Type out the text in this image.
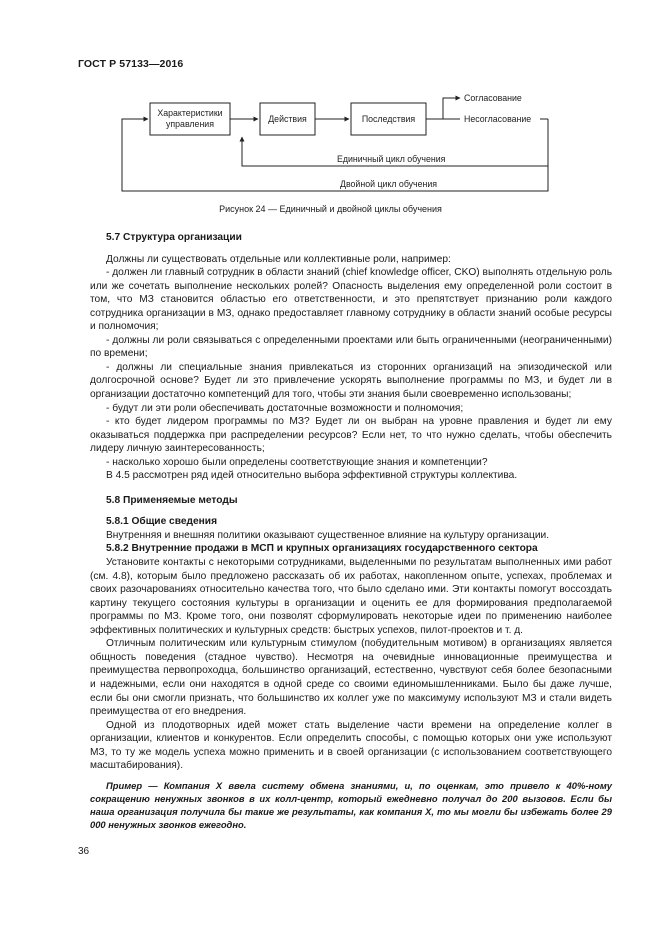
ГОСТ Р 57133—2016
Характеристики
управления	Действия	Последствия
Согласование
Несогласование
Единичный цикл обучения
Двойной цикл обучения
Рисунок 24 — Единичный и двойной циклы обучения
5.7 Структура организации

Должны ли существовать отдельные или коллективные роли, например:

- должен ли главный сотрудник в области знаний (chief knowledge officer, CKO) выполнять отдельную роль или же сочетать выполнение нескольких ролей? Опасность выделения ему определенной роли состоит в том, что МЗ становится областью его ответственности, и это препятствует признанию роли каждого сотрудника организации в МЗ, однако предоставляет главному сотруднику в области знаний особые ресурсы и полномочия;

- должны ли роли связываться с определенными проектами или быть ограниченными (неограниченными) по времени;

- должны ли специальные знания привлекаться из сторонних организаций на эпизодической или долгосрочной основе? Будет ли это привлечение ускорять выполнение программы по МЗ, и будет ли в организации достаточно компетенций для того, чтобы эти знания были своевременно использованы;

- будут ли эти роли обеспечивать достаточные возможности и полномочия;

- кто будет лидером программы по МЗ? Будет ли он выбран на уровне правления и будет ли ему оказываться поддержка при распределении ресурсов? Если нет, то что нужно сделать, чтобы обеспечить лидеру личную заинтересованность;

- насколько хорошо были определены соответствующие знания и компетенции?

В 4.5 рассмотрен ряд идей относительно выбора эффективной структуры коллектива.

5.8 Применяемые методы
5.8.1 Общие сведения

Внутренняя и внешняя политики оказывают существенное влияние на культуру организации.

5.8.2 Внутренние продажи в МСП и крупных организациях государственного сектора

Установите контакты с некоторыми сотрудниками, выделенными по результатам выполненных ими работ (см. 4.8), которым было предложено рассказать об их работах, накопленном опыте, успехах, проблемах и своих разочарованиях относительно качества того, что было сделано ими. Эти контакты помогут воссоздать картину текущего состояния культуры в организации и оценить ее для формирования предполагаемой программы по МЗ. Кроме того, они позволят сформулировать некоторые идеи по применению наиболее эффективных политических и культурных средств: быстрых успехов, пилот-проектов и т. д.

Отличным политическим или культурным стимулом (побудительным мотивом) в организациях является общность поведения (стадное чувство). Несмотря на очевидные инновационные преимущества и преимущества первопроходца, большинство организаций, естественно, чувствуют себя более безопасными и надежными, если они находятся в одной среде со своими единомышленниками. Было бы даже лучше, если бы они смогли признать, что большинство их коллег уже по максимуму используют МЗ и стали видеть преимущества от его внедрения.

Одной из плодотворных идей может стать выделение части времени на определение коллег в организации, клиентов и конкурентов. Если определить способы, с помощью которых они уже используют МЗ, то ту же модель успеха можно применить и в своей организации (с использованием соответствующего масштабирования).

Пример — Компания X ввела систему обмена знаниями, и, по оценкам, это привело к 40%-ному сокращению ненужных звонков в их колл-центр, который ежедневно получал до 200 вызовов. Если бы наша организация получила бы такие же результаты, как компания X, то мы могли бы избежать более 29 000 ненужных звонков ежегодно.

36
